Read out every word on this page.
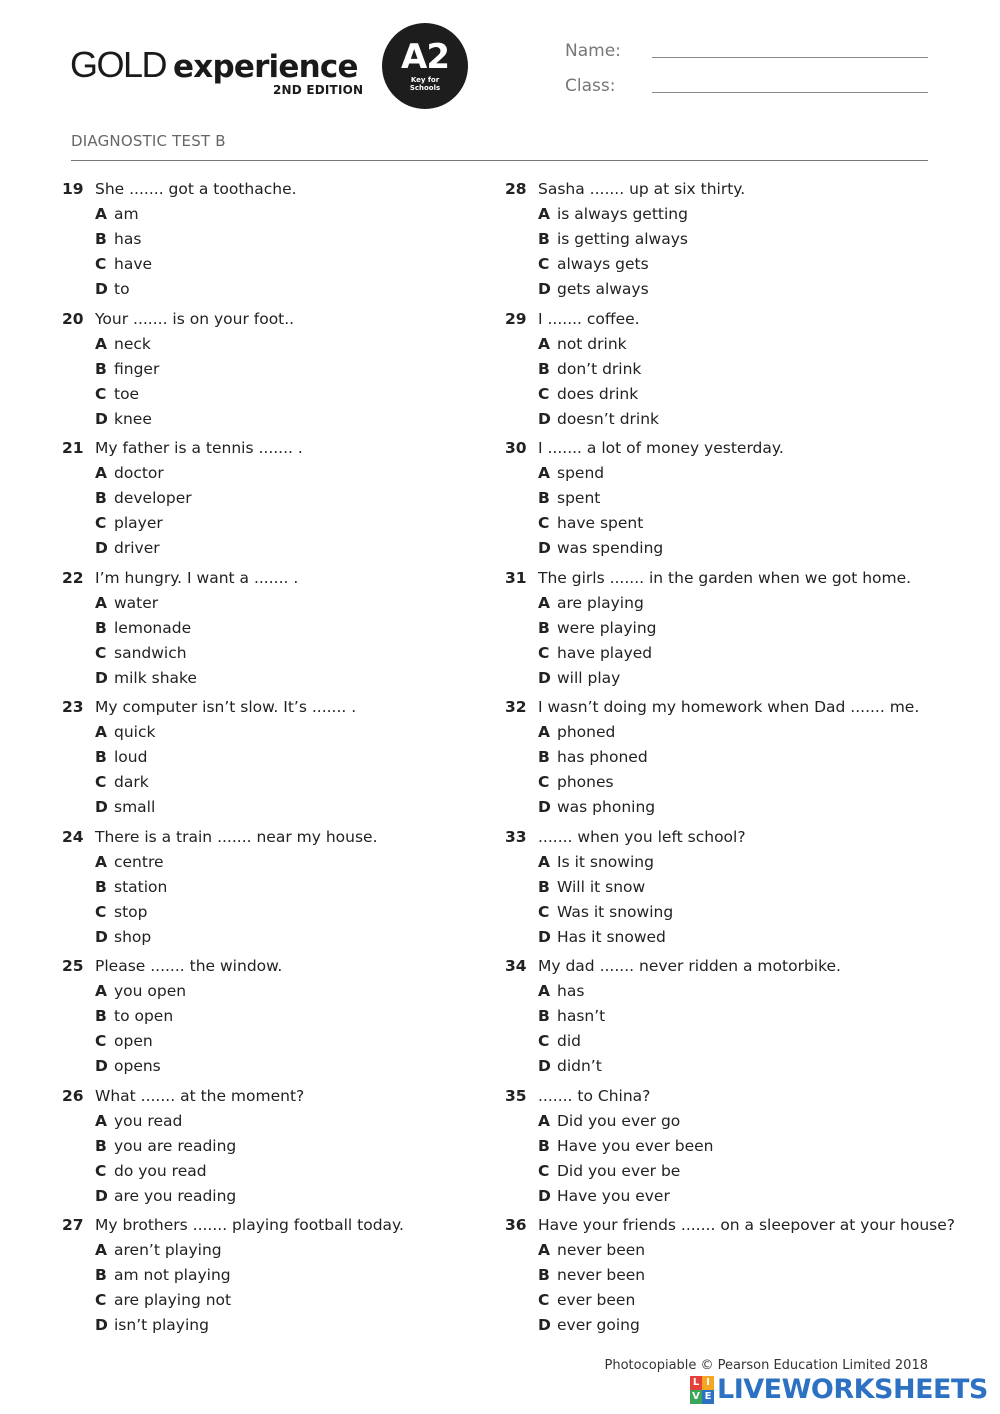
GOLD experience
2ND EDITION
A2
Key for Schools
Name:
Class:
DIAGNOSTIC TEST B
19 She ....... got a toothache.
A am
B has
C have
D to
20 Your ....... is on your foot..
A neck
B finger
C toe
D knee
21 My father is a tennis ....... .
A doctor
B developer
C player
D driver
22 I’m hungry. I want a ....... .
A water
B lemonade
C sandwich
D milk shake
23 My computer isn’t slow. It’s ....... .
A quick
B loud
C dark
D small
24 There is a train ....... near my house.
A centre
B station
C stop
D shop
25 Please ....... the window.
A you open
B to open
C open
D opens
26 What ....... at the moment?
A you read
B you are reading
C do you read
D are you reading
27 My brothers ....... playing football today.
A aren’t playing
B am not playing
C are playing not
D isn’t playing
28 Sasha ....... up at six thirty.
A is always getting
B is getting always
C always gets
D gets always
29 I ....... coffee.
A not drink
B don’t drink
C does drink
D doesn’t drink
30 I ....... a lot of money yesterday.
A spend
B spent
C have spent
D was spending
31 The girls ....... in the garden when we got home.
A are playing
B were playing
C have played
D will play
32 I wasn’t doing my homework when Dad ....... me.
A phoned
B has phoned
C phones
D was phoning
33 ....... when you left school?
A Is it snowing
B Will it snow
C Was it snowing
D Has it snowed
34 My dad ....... never ridden a motorbike.
A has
B hasn’t
C did
D didn’t
35 ....... to China?
A Did you ever go
B Have you ever been
C Did you ever be
D Have you ever
36 Have your friends ....... on a sleepover at your house?
A never been
B never been
C ever been
D ever going
Photocopiable © Pearson Education Limited 2018
L I
V E LIVEWORKSHEETS
